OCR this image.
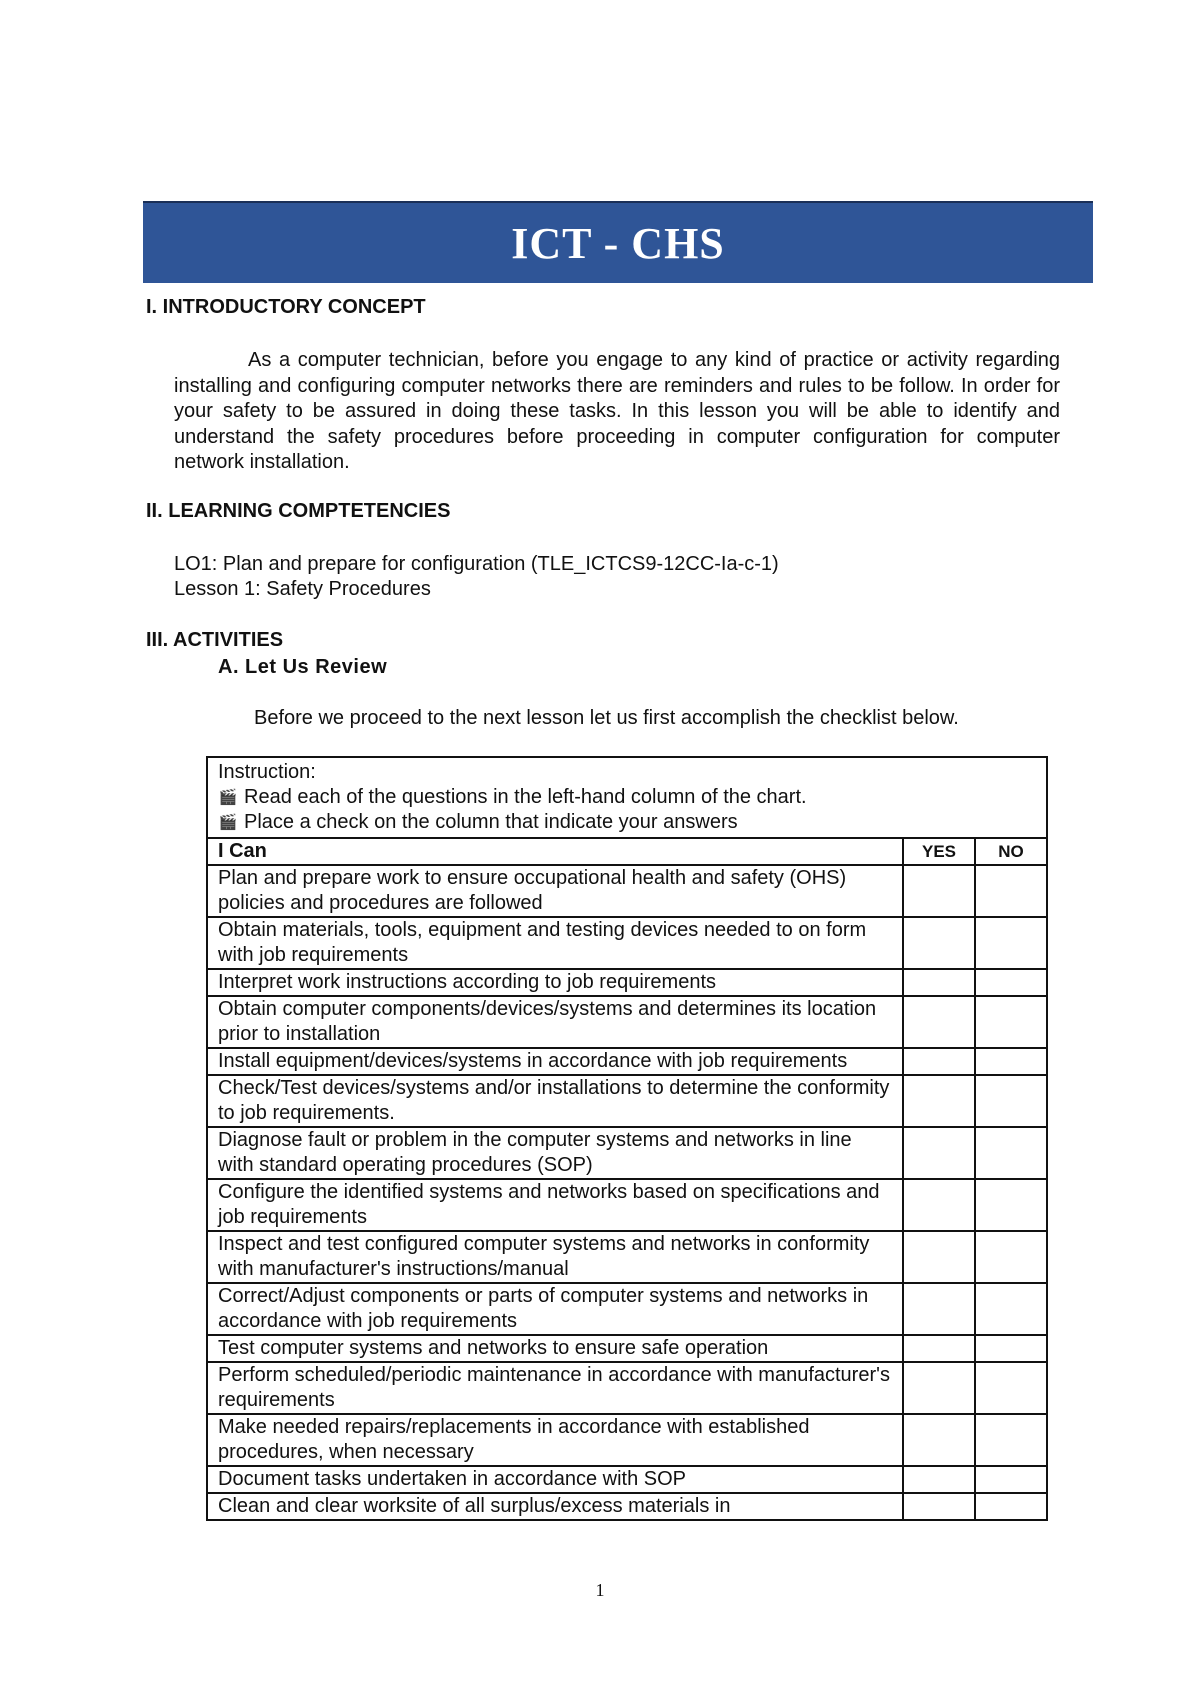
ICT - CHS
I. INTRODUCTORY CONCEPT
As a computer technician, before you engage to any kind of practice or activity regarding installing and configuring computer networks there are reminders and rules to be follow. In order for your safety to be assured in doing these tasks. In this lesson you will be able to identify and understand the safety procedures before proceeding in computer configuration for computer network installation.
II. LEARNING COMPTETENCIES
LO1: Plan and prepare for configuration (TLE_ICTCS9-12CC-Ia-c-1)
Lesson 1: Safety Procedures
III. ACTIVITIES
A. Let Us Review
Before we proceed to the next lesson let us first accomplish the checklist below.
Instruction:
🎬 Read each of the questions in the left-hand column of the chart.
🎬 Place a check on the column that indicate your answers		

I Can	YES	NO
Plan and prepare work to ensure occupational health and safety (OHS) policies and procedures are followed		
Obtain materials, tools, equipment and testing devices needed to on form with job requirements		
Interpret work instructions according to job requirements		
Obtain computer components/devices/systems and determines its location prior to installation		
Install equipment/devices/systems in accordance with job requirements		
Check/Test devices/systems and/or installations to determine the conformity to job requirements.		
Diagnose fault or problem in the computer systems and networks in line with standard operating procedures (SOP)		
Configure the identified systems and networks based on specifications and job requirements		
Inspect and test configured computer systems and networks in conformity with manufacturer's instructions/manual		
Correct/Adjust components or parts of computer systems and networks in accordance with job requirements		
Test computer systems and networks to ensure safe operation		
Perform scheduled/periodic maintenance in accordance with manufacturer's requirements		
Make needed repairs/replacements in accordance with established procedures, when necessary		
Document tasks undertaken in accordance with SOP		
Clean and clear worksite of all surplus/excess materials in		
1
